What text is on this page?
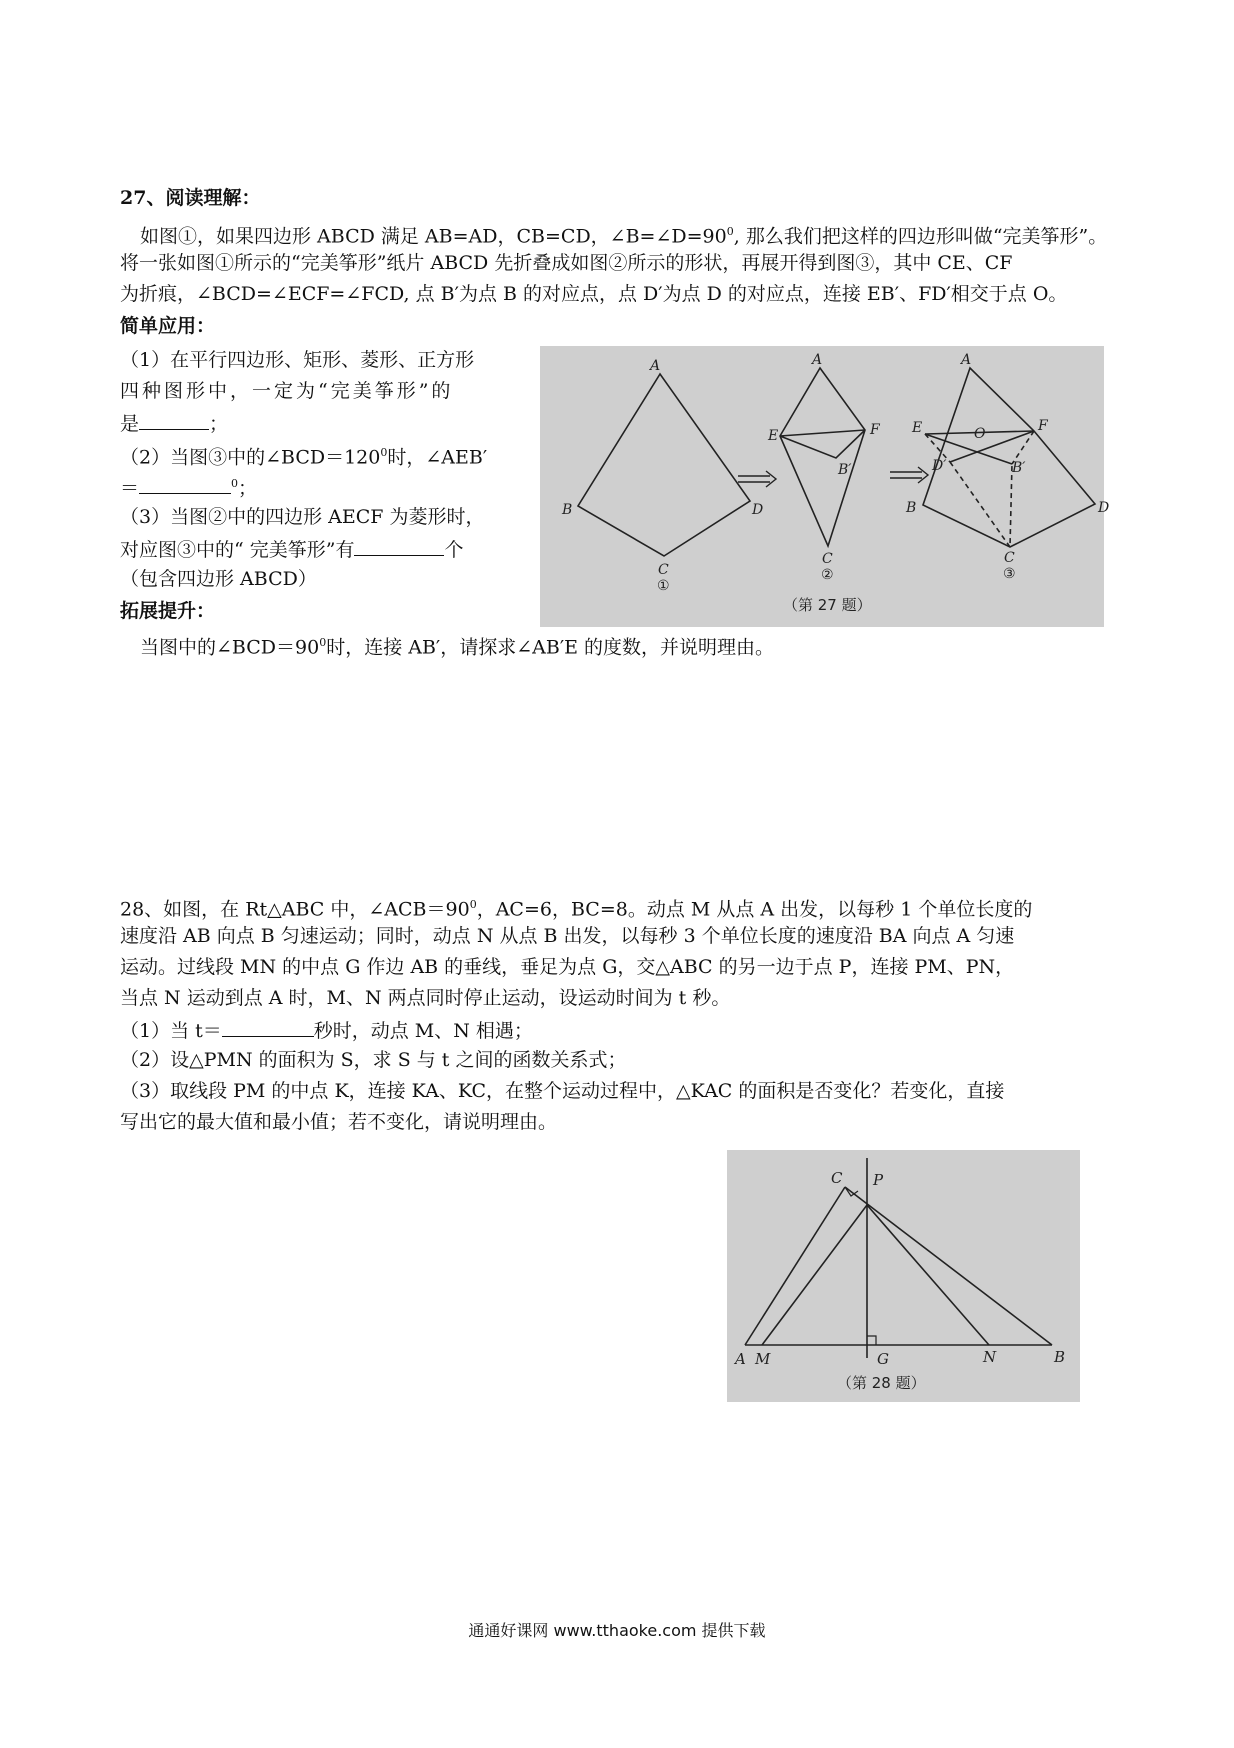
27、阅读理解：
如图①，如果四边形 ABCD 满足 AB=AD，CB=CD，$\angle B=\angle D=90^0$, 那么我们把这样的四边形叫做“完美筝形”。
将一张如图①所示的“完美筝形”纸片 ABCD 先折叠成如图②所示的形状，再展开得到图③，其中 CE、CF
为折痕，∠BCD=∠ECF=∠FCD, 点 B′为点 B 的对应点，点 D′为点 D 的对应点，连接 EB′、FD′相交于点 O。
简单应用：
（1）在平行四边形、矩形、菱形、正方形
四种图形中，一定为“完美筝形”的
是	；
（2）当图③中的$\angle BCD=120^0$时，∠AEB′
＝	$^0$；
（3）当图②中的四边形 AECF 为菱形时，
对应图③中的“ 完美筝形”有	个
（包含四边形 ABCD）
拓展提升：
当图中的$\angle BCD=90^0$时，连接 AB′，请探求∠AB′E 的度数，并说明理由。
A
B
C
D
①
A
E	F
B′
C
②
A
E	F
O
D′	B′
B	D
C
③
（第 27 题）
28、如图，在 Rt△ABC 中，$\angle ACB=90^0$，AC=6，BC=8。动点 M 从点 A 出发，以每秒 1 个单位长度的
速度沿 AB 向点 B 匀速运动；同时，动点 N 从点 B 出发，以每秒 3 个单位长度的速度沿 BA 向点 A 匀速
运动。过线段 MN 的中点 G 作边 AB 的垂线，垂足为点 G，交△ABC 的另一边于点 P，连接 PM、PN，
当点 N 运动到点 A 时，M、N 两点同时停止运动，设运动时间为 t 秒。
（1）当 t＝	秒时，动点 M、N 相遇；
（2）设△PMN 的面积为 S，求 S 与 t 之间的函数关系式；
（3）取线段 PM 的中点 K，连接 KA、KC，在整个运动过程中，△KAC 的面积是否变化？若变化，直接
写出它的最大值和最小值；若不变化，请说明理由。
C P
A M	G	N	B
（第 28 题）
通通好课网 www.tthaoke.com 提供下载
